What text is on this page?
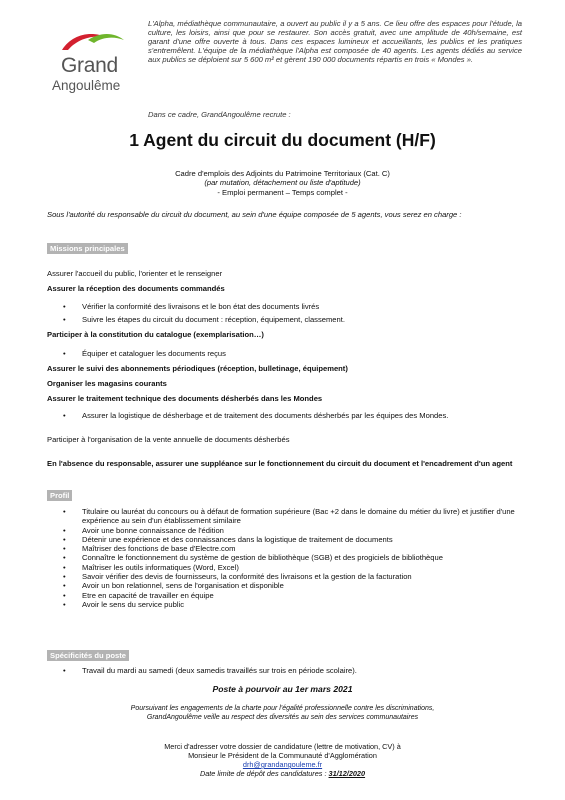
Grand
Angoulême

L'Alpha, médiathèque communautaire, a ouvert au public il y a 5 ans. Ce lieu offre des espaces pour l'étude, la culture, les loisirs, ainsi que pour se restaurer. Son accès gratuit, avec une amplitude de 40h/semaine, est garant d'une offre ouverte à tous. Dans ces espaces lumineux et accueillants, les publics et les pratiques s'entremêlent. L'équipe de la médiathèque l'Alpha est composée de 40 agents. Les agents dédiés au service aux publics se déploient sur 5 600 m² et gèrent 190 000 documents répartis en trois « Mondes ».

Dans ce cadre, GrandAngoulême recrute :

1 Agent du circuit du document (H/F)
Cadre d'emplois des Adjoints du Patrimoine Territoriaux (Cat. C)
(par mutation, détachement ou liste d'aptitude)
- Emploi permanent – Temps complet -

Sous l'autorité du responsable du circuit du document, au sein d'une équipe composée de 5 agents, vous serez en charge :

Missions principales

Assurer l'accueil du public, l'orienter et le renseigner

Assurer la réception des documents commandés

• Vérifier la conformité des livraisons et le bon état des documents livrés
• Suivre les étapes du circuit du document : réception, équipement, classement.

Participer à la constitution du catalogue (exemplarisation…)

• Équiper et cataloguer les documents reçus

Assurer le suivi des abonnements périodiques (réception, bulletinage, équipement)

Organiser les magasins courants

Assurer le traitement technique des documents désherbés dans les Mondes

• Assurer la logistique de désherbage et de traitement des documents désherbés par les équipes des Mondes.

Participer à l'organisation de la vente annuelle de documents désherbés

En l'absence du responsable, assurer une suppléance sur le fonctionnement du circuit du document et l'encadrement d'un agent

Profil
• Titulaire ou lauréat du concours ou à défaut de formation supérieure (Bac +2 dans le domaine du métier du livre) et justifier d'une expérience au sein d'un établissement similaire
• Avoir une bonne connaissance de l'édition
• Détenir une expérience et des connaissances dans la logistique de traitement de documents
• Maîtriser des fonctions de base d'Electre.com
• Connaître le fonctionnement du système de gestion de bibliothèque (SGB) et des progiciels de bibliothèque
• Maîtriser les outils informatiques (Word, Excel)
• Savoir vérifier des devis de fournisseurs, la conformité des livraisons et la gestion de la facturation
• Avoir un bon relationnel, sens de l'organisation et disponible
• Etre en capacité de travailler en équipe
• Avoir le sens du service public
Spécificités du poste
• Travail du mardi au samedi (deux samedis travaillés sur trois en période scolaire).

Poste à pourvoir au 1er mars 2021

Poursuivant les engagements de la charte pour l'égalité professionnelle contre les discriminations,
GrandAngoulême veille au respect des diversités au sein des services communautaires
Merci d'adresser votre dossier de candidature (lettre de motivation, CV) à
Monsieur le Président de la Communauté d'Agglomération
drh@grandangouleme.fr
Date limite de dépôt des candidatures : 31/12/2020
